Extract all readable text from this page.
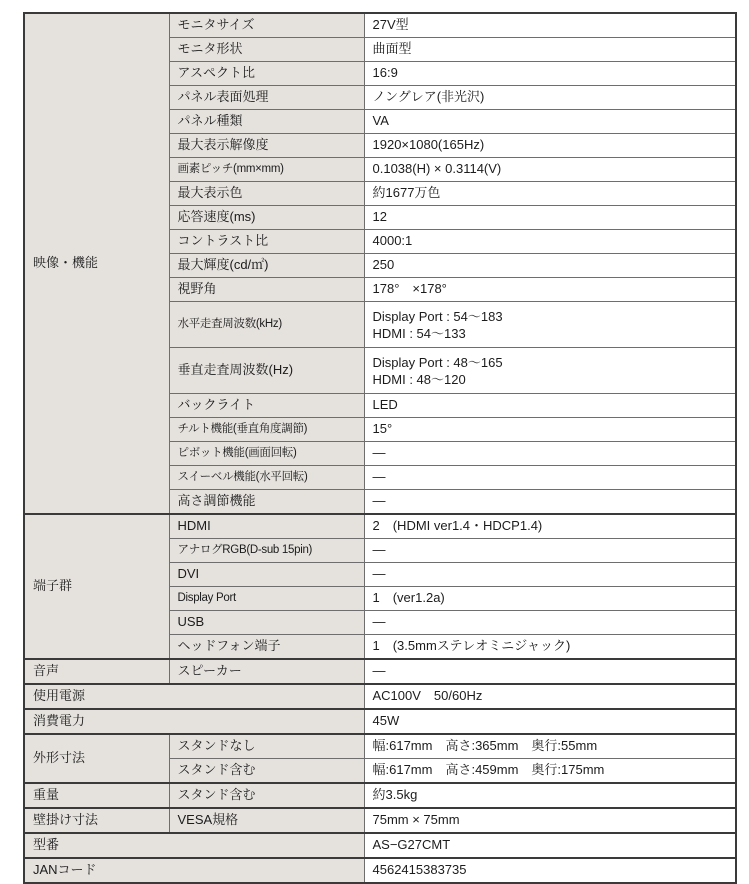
映像・機能	モニタサイズ	27V型
	モニタ形状	曲面型
	アスペクト比	16:9
	パネル表面処理	ノングレア(非光沢)
	パネル種類	VA
	最大表示解像度	1920×1080(165Hz)
	画素ピッチ(mm×mm)	0.1038(H) × 0.3114(V)
	最大表示色	約1677万色
	応答速度(ms)	12
	コントラスト比	4000:1
	最大輝度(cd/㎡)	250
	視野角	178°　×178°
	水平走査周波数(kHz)	Display Port : 54〜183
HDMI : 54〜133

	垂直走査周波数(Hz)	Display Port : 48〜165
HDMI : 48〜120

	バックライト	LED
	チルト機能(垂直角度調節)	15°
	ピボット機能(画面回転)	—
	スイーベル機能(水平回転)	—
	高さ調節機能	—
端子群	HDMI	2　(HDMI ver1.4・HDCP1.4)
	アナログRGB(D-sub 15pin)	—
	DVI	—
	Display Port	1　(ver1.2a)
	USB	—
	ヘッドフォン端子	1　(3.5mmステレオミニジャック)
音声	スピーカー	—
使用電源		AC100V　50/60Hz
消費電力		45W
外形寸法	スタンドなし	幅:617mm　高さ:365mm　奥行:55mm
	スタンド含む	幅:617mm　高さ:459mm　奥行:175mm
重量	スタンド含む	約3.5kg
壁掛け寸法	VESA規格	75mm × 75mm
型番		AS−G27CMT
JANコード		4562415383735
